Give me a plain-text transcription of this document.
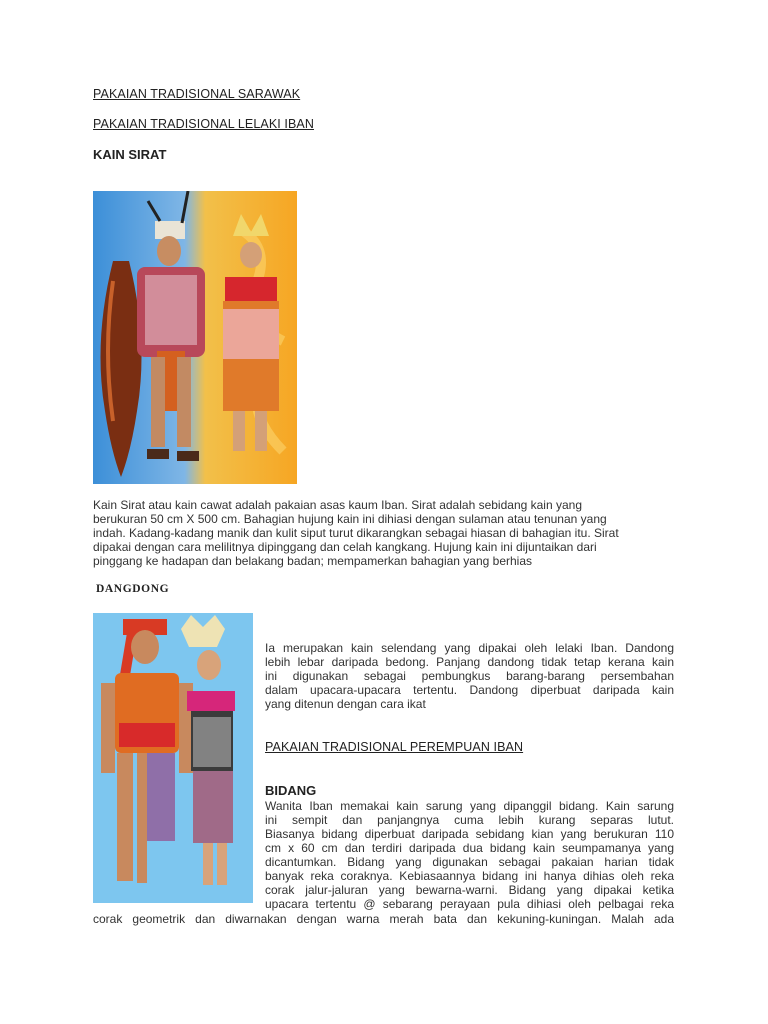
PAKAIAN TRADISIONAL SARAWAK
PAKAIAN TRADISIONAL LELAKI IBAN
KAIN SIRAT

Kain Sirat atau kain cawat adalah pakaian asas kaum Iban. Sirat adalah sebidang kain yang

berukuran 50 cm X 500 cm. Bahagian hujung kain ini dihiasi dengan sulaman atau tenunan yang

indah. Kadang-kadang manik dan kulit siput turut dikarangkan sebagai hiasan di bahagian itu. Sirat

dipakai dengan cara melilitnya dipinggang dan celah kangkang. Hujung kain ini dijuntaikan dari

pinggang ke hadapan dan belakang badan; mempamerkan bahagian yang berhias

DANGDONG
Ia merupakan kain selendang yang dipakai oleh lelaki Iban. Dandong
lebih lebar daripada bedong. Panjang dandong tidak tetap kerana kain
ini digunakan sebagai pembungkus barang-barang persembahan
dalam upacara-upacara tertentu. Dandong diperbuat daripada kain
yang ditenun dengan cara ikat
PAKAIAN TRADISIONAL PEREMPUAN IBAN
BIDANG
Wanita Iban memakai kain sarung yang dipanggil bidang. Kain sarung
ini sempit dan panjangnya cuma lebih kurang separas lutut.
Biasanya bidang diperbuat daripada sebidang kian yang berukuran 110
cm x 60 cm dan terdiri daripada dua bidang kain seumpamanya yang
dicantumkan. Bidang yang digunakan sebagai pakaian harian tidak
banyak reka coraknya. Kebiasaannya bidang ini hanya dihias oleh reka
corak jalur-jaluran yang bewarna-warni. Bidang yang dipakai ketika
upacara tertentu @ sebarang perayaan pula dihiasi oleh pelbagai reka
corak geometrik dan diwarnakan dengan warna merah bata dan kekuning-kuningan. Malah ada
